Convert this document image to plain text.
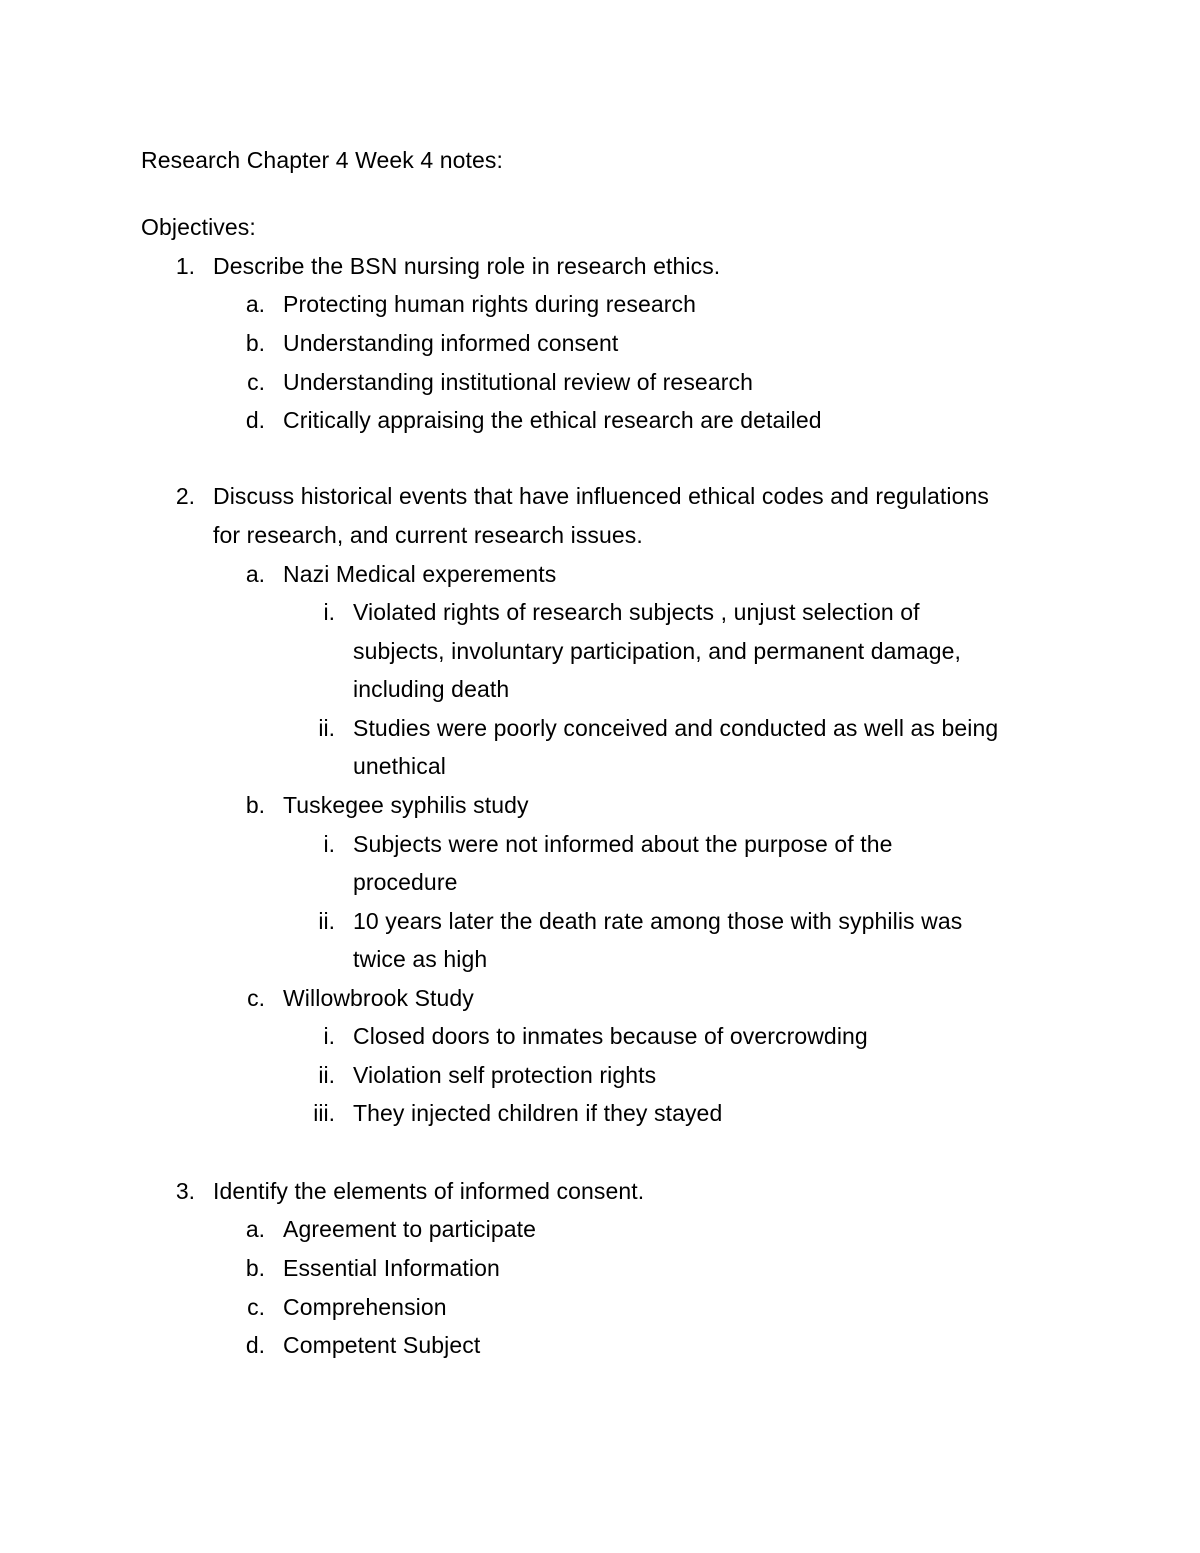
Research Chapter 4 Week 4 notes:
Objectives:
1. Describe the BSN nursing role in research ethics.
a. Protecting human rights during research
b. Understanding informed consent
c. Understanding institutional review of research
d. Critically appraising the ethical research are detailed
2. Discuss historical events that have influenced ethical codes and regulations
for research, and current research issues.
a. Nazi Medical experements
i. Violated rights of research subjects , unjust selection of
subjects, involuntary participation, and permanent damage,
including death
ii. Studies were poorly conceived and conducted as well as being
unethical
b. Tuskegee syphilis study
i. Subjects were not informed about the purpose of the
procedure
ii. 10 years later the death rate among those with syphilis was
twice as high
c. Willowbrook Study
i. Closed doors to inmates because of overcrowding
ii. Violation self protection rights
iii. They injected children if they stayed
3. Identify the elements of informed consent.
a. Agreement to participate
b. Essential Information
c. Comprehension
d. Competent Subject
